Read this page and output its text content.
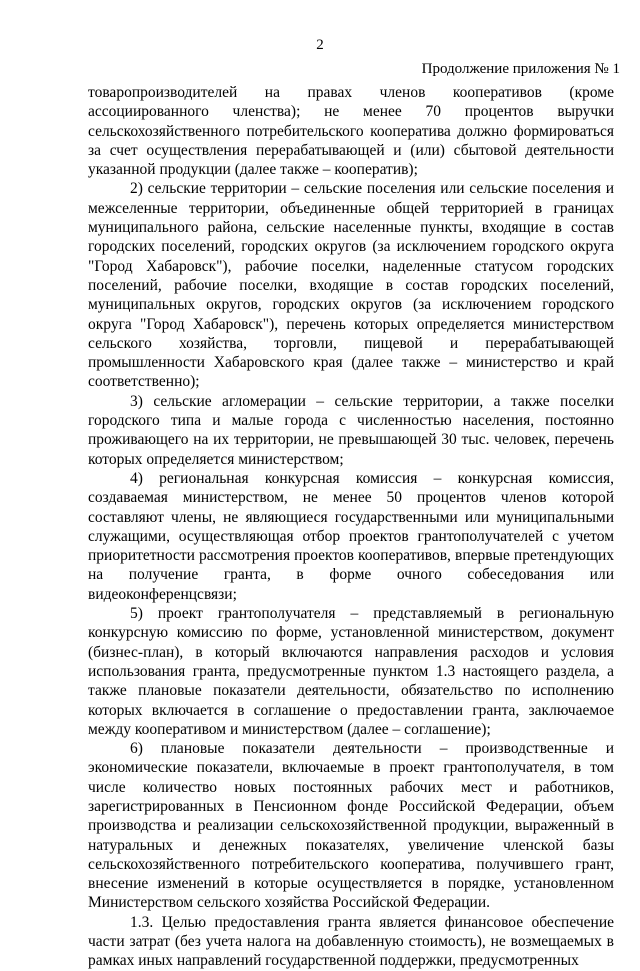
2
Продолжение приложения № 1

товаропроизводителей на правах членов кооперативов (кроме ассоциированного членства); не менее 70 процентов выручки сельскохозяйственного потребительского кооператива должно формироваться за счет осуществления перерабатывающей и (или) сбытовой деятельности указанной продукции (далее также – кооператив);

2) сельские территории – сельские поселения или сельские поселения и межселенные территории, объединенные общей территорией в границах муниципального района, сельские населенные пункты, входящие в состав городских поселений, городских округов (за исключением городского округа "Город Хабаровск"), рабочие поселки, наделенные статусом городских поселений, рабочие поселки, входящие в состав городских поселений, муниципальных округов, городских округов (за исключением городского округа "Город Хабаровск"), перечень которых определяется министерством сельского хозяйства, торговли, пищевой и перерабатывающей промышленности Хабаровского края (далее также – министерство и край соответственно);

3) сельские агломерации – сельские территории, а также поселки городского типа и малые города с численностью населения, постоянно проживающего на их территории, не превышающей 30 тыс. человек, перечень которых определяется министерством;

4) региональная конкурсная комиссия – конкурсная комиссия, создаваемая министерством, не менее 50 процентов членов которой составляют члены, не являющиеся государственными или муниципальными служащими, осуществляющая отбор проектов грантополучателей с учетом приоритетности рассмотрения проектов кооперативов, впервые претендующих на получение гранта, в форме очного собеседования или видеоконференцсвязи;

5) проект грантополучателя – представляемый в региональную конкурсную комиссию по форме, установленной министерством, документ (бизнес-план), в который включаются направления расходов и условия использования гранта, предусмотренные пунктом 1.3 настоящего раздела, а также плановые показатели деятельности, обязательство по исполнению которых включается в соглашение о предоставлении гранта, заключаемое между кооперативом и министерством (далее – соглашение);

6) плановые показатели деятельности – производственные и экономические показатели, включаемые в проект грантополучателя, в том числе количество новых постоянных рабочих мест и работников, зарегистрированных в Пенсионном фонде Российской Федерации, объем производства и реализации сельскохозяйственной продукции, выраженный в натуральных и денежных показателях, увеличение членской базы сельскохозяйственного потребительского кооператива, получившего грант, внесение изменений в которые осуществляется в порядке, установленном Министерством сельского хозяйства Российской Федерации.

1.3. Целью предоставления гранта является финансовое обеспечение части затрат (без учета налога на добавленную стоимость), не возмещаемых в рамках иных направлений государственной поддержки, предусмотренных
